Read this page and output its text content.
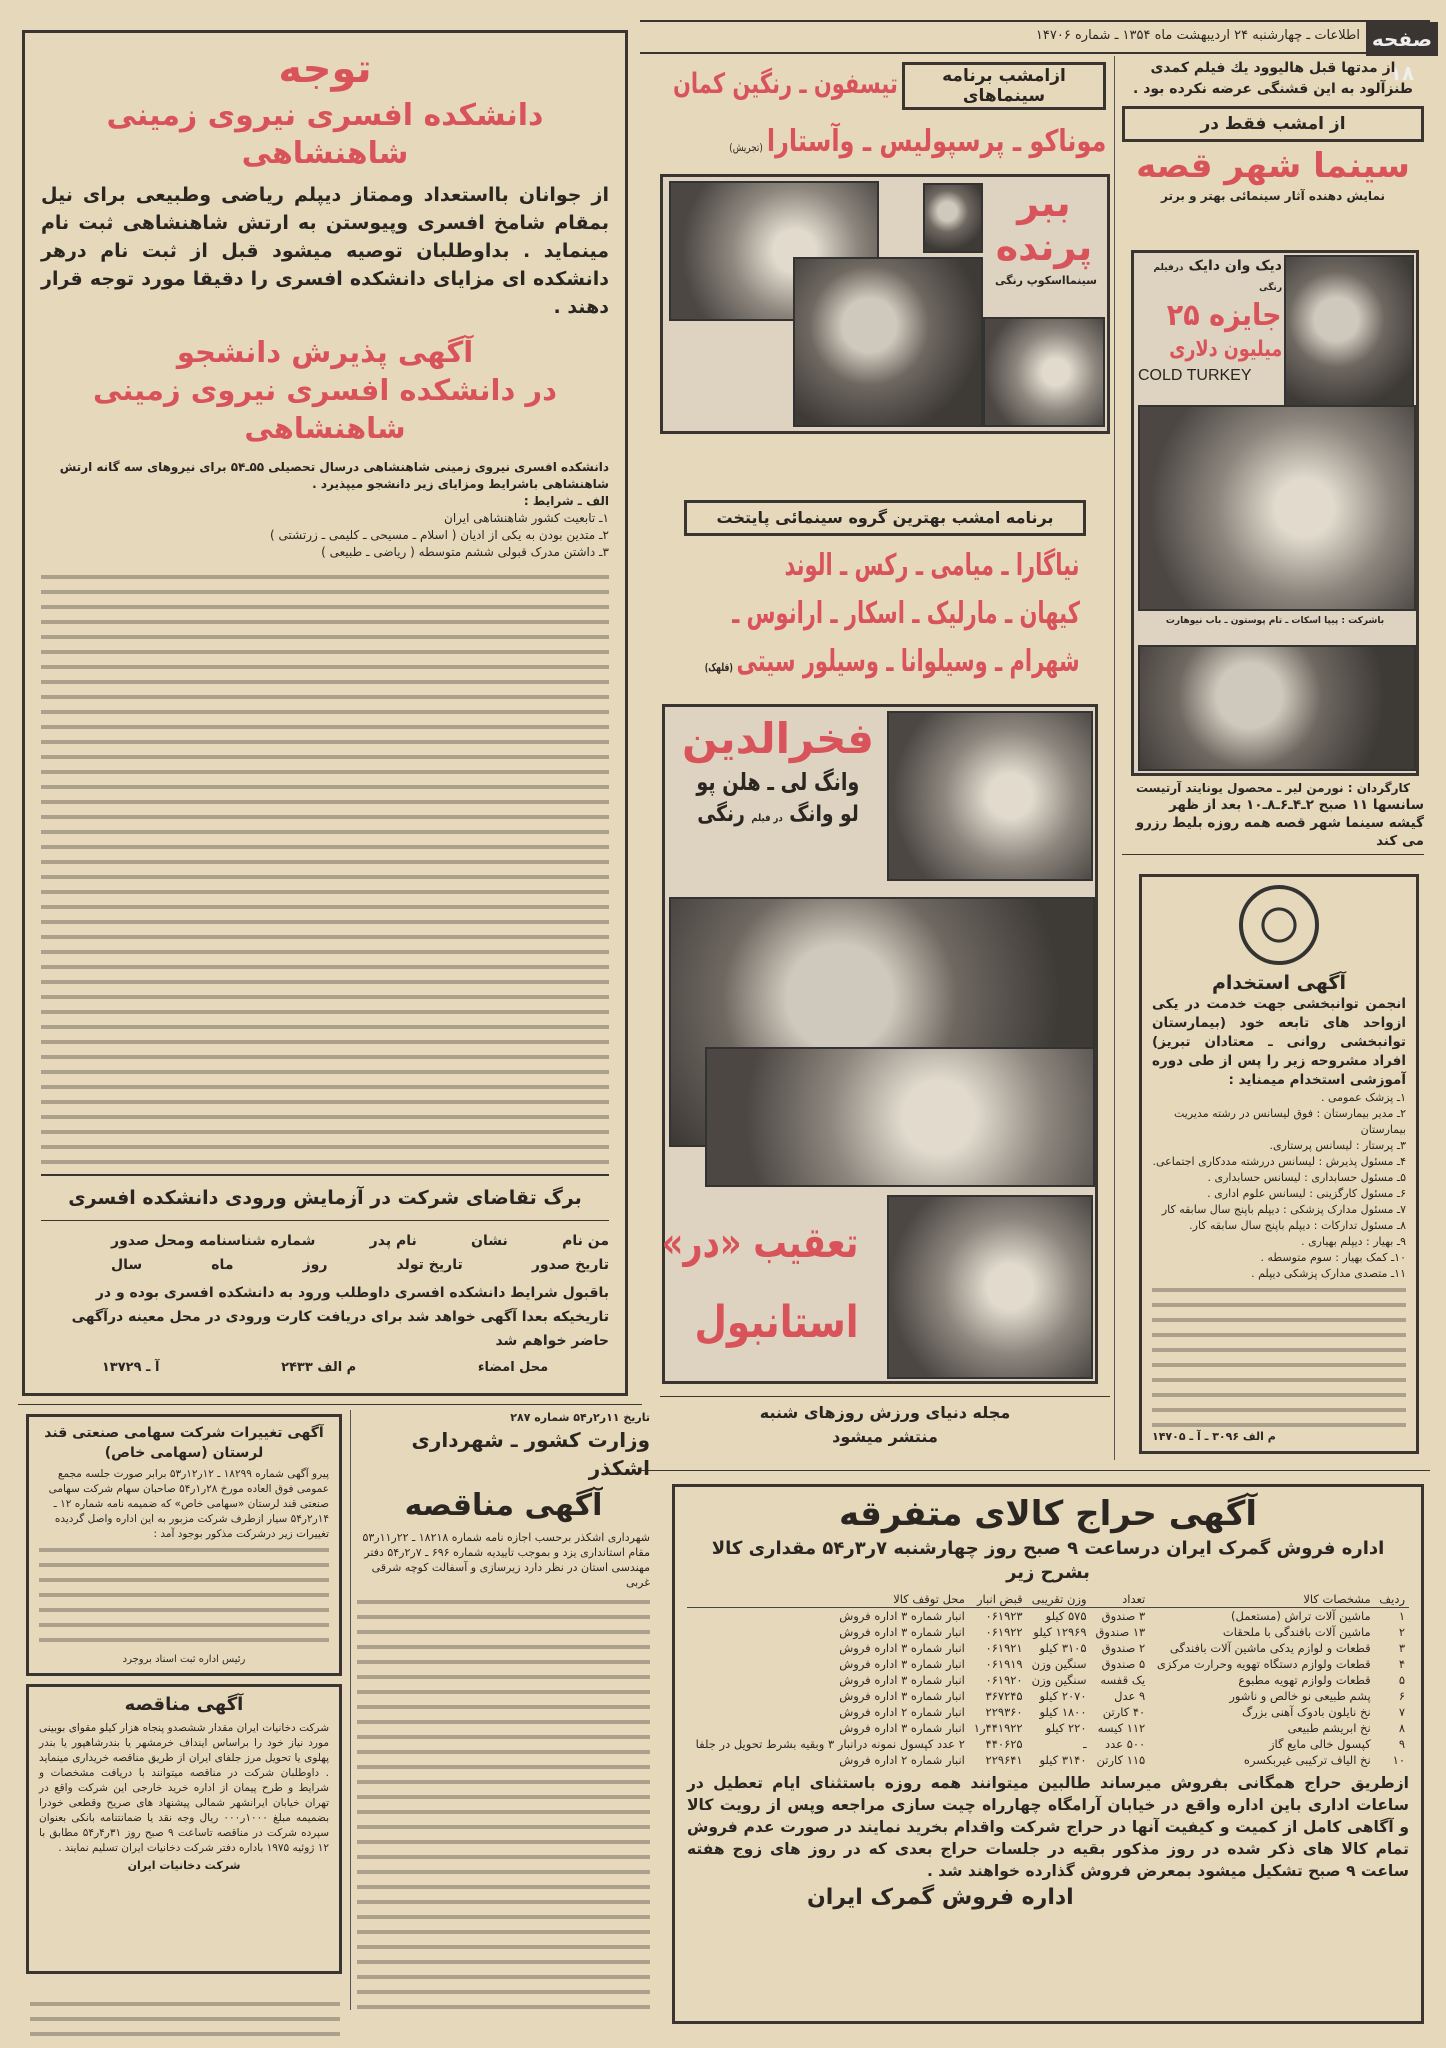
صفحه ۱۸
اطلاعات ـ چهارشنبه ۲۴ اردیبهشت ماه ۱۳۵۴ ـ شماره ۱۴۷۰۶
توجه
دانشکده افسری نیروی زمینی شاهنشاهی

از جوانان بااستعداد وممتاز دیپلم ریاضی وطبیعی برای نیل بمقام شامخ افسری وپیوستن به ارتش شاهنشاهی ثبت نام مینماید . بداوطلبان توصیه میشود قبل از ثبت نام درهر دانشکده ای مزایای دانشکده افسری را دقیقا مورد توجه قرار دهند .

آگهی پذیرش دانشجو
در دانشکده افسری نیروی زمینی شاهنشاهی

دانشکده افسری نیروی زمینی شاهنشاهی درسال تحصیلی ۵۵ـ۵۴ برای نیروهای سه گانه ارتش شاهنشاهی باشرایط ومزایای زیر دانشجو میپذیرد .

الف ـ شرایط :

۱ـ تابعیت کشور شاهنشاهی ایران
۲ـ متدین بودن به یکی از ادیان ( اسلام ـ مسیحی ـ کلیمی ـ زرتشتی )
۳ـ داشتن مدرک قبولی ششم متوسطه ( ریاضی ـ طبیعی )
برگ تقاضای شرکت در آزمایش ورودی دانشکده افسری
من نام
نشان
نام پدر
شماره شناسنامه ومحل صدور
تاریخ صدور
تاریخ تولد
روز
ماه
سال

باقبول شرایط دانشکده افسری داوطلب ورود به دانشکده افسری بوده و در تاریخیکه بعدا آگهی خواهد شد برای دریافت کارت ورودی در محل معینه درآگهی حاضر خواهم شد

محل امضاء
م الف ۲۴۳۳
آ ـ ۱۳۷۲۹
ازامشب برنامه سینماهای
تیسفون ـ رنگین کمان
موناکو ـ پرسپولیس ـ وآستارا (تجریش)
ببر پرنده
سینمااسکوپ رنگی
برنامه امشب بهترین گروه سینمائی پایتخت
نیاگارا ـ میامی ـ رکس ـ الوند
کیهان ـ مارلیک ـ اسکار ـ ارانوس ـ
شهرام ـ وسیلوانا ـ وسیلور سیتی (قلهک)
فخرالدین
وانگ لی ـ هلن پو
لو وانگ در فیلم رنگی
تعقیب «در»
استانبول
مجله دنیای ورزش روزهای شنبه
منتشر میشود

از مدتها قبل هالیوود یك فیلم كمدی طنزآلود به این قشنگی عرضه نکرده بود .

از امشب فقط در
سینما شهر قصه
نمایش دهنده آثار سینمائی بهتر و برتر
دیک وان دایک درفیلم رنگی
جایزه ۲۵
میلیون دلاری
COLD TURKEY
باشرکت : پیپا اسکات ـ تام پوستون ـ باب نیوهارت
کارگردان : نورمن لیر ـ محصول یونایتد آرتیست
سانسها ۱۱ صبح ۲ـ۴ـ۶ـ۸ـ۱۰ بعد از ظهر
گیشه سینما شهر قصه همه روزه بلیط رزرو می کند
آگهی استخدام

انجمن توانبخشی جهت خدمت در یکی ازواحد های تابعه خود (بیمارستان توانبخشی روانی ـ معتادان تبریز) افراد مشروحه زیر را پس از طی دوره آموزشی استخدام میمناید :

۱ـ پزشک عمومی .
۲ـ مدیر بیمارستان : فوق لیسانس در رشته مدیریت بیمارستان
۳ـ پرستار : لیسانس پرستاری.
۴ـ مسئول پذیرش : لیسانس دررشته مددکاری اجتماعی.
۵ـ مسئول حسابداری : لیسانس حسابداری .
۶ـ مسئول کارگزینی : لیسانس علوم اداری .
۷ـ مسئول مدارک پزشکی : دیپلم باپنج سال سابقه کار
۸ـ مسئول تدارکات : دیپلم باپنج سال سابقه کار.
۹ـ بهیار : دیپلم بهیاری .
۱۰ـ کمک بهیار : سوم متوسطه .
۱۱ـ متصدی مدارک پزشکی دیپلم .
م الف ۳۰۹۶ ـ آ ـ ۱۴۷۰۵
آگهی حراج کالای متفرقه
اداره فروش گمرک ایران درساعت ۹ صبح روز چهارشنبه ۷ر۳ر۵۴ مقداری کالا بشرح زیر
ردیف	مشخصات کالا	تعداد	وزن تقریبی	قبض انبار	محل توقف کالا
۱	ماشین آلات تراش (مستعمل)	۳ صندوق	۵۷۵ کیلو	۰۶۱۹۲۳	انبار شماره ۳ اداره فروش
۲	ماشین آلات بافندگی با ملحقات	۱۳ صندوق	۱۲۹۶۹ کیلو	۰۶۱۹۲۲	انبار شماره ۳ اداره فروش
۳	قطعات و لوازم یدکی ماشین آلات بافندگی	۲ صندوق	۳۱۰۵ کیلو	۰۶۱۹۲۱	انبار شماره ۳ اداره فروش
۴	قطعات ولوازم دستگاه تهویه وحرارت مرکزی	۵ صندوق	سنگین وزن	۰۶۱۹۱۹	انبار شماره ۳ اداره فروش
۵	قطعات ولوازم تهویه مطبوع	یک قفسه	سنگین وزن	۰۶۱۹۲۰	انبار شماره ۳ اداره فروش
۶	پشم طبیعی نو خالص و ناشور	۹ عدل	۲۰۷۰ کیلو	۳۶۷۲۴۵	انبار شماره ۳ اداره فروش
۷	نخ نایلون بادوک آهنی بزرگ	۴۰ کارتن	۱۸۰۰ کیلو	۲۲۹۳۶۰	انبار شماره ۲ اداره فروش
۸	نخ ابریشم طبیعی	۱۱۲ کیسه	۲۲۰ کیلو	۴۴۱۹۲۲ر۱	انبار شماره ۳ اداره فروش
۹	کپسول خالی مایع گاز	۵۰۰ عدد	ـ	۴۴۰۶۲۵	۲ عدد کپسول نمونه درانبار ۳ وبقیه بشرط تحویل در جلفا
۱۰	نخ الیاف ترکیبی غیربکسره	۱۱۵ کارتن	۳۱۴۰ کیلو	۲۲۹۶۴۱	انبار شماره ۲ اداره فروش

ازطریق حراج همگانی بفروش میرساند طالبین میتوانند همه روزه باستثنای ایام تعطیل در ساعات اداری باین اداره واقع در خیابان آرامگاه چهارراه چیت سازی مراجعه وپس از رویت کالا و آگاهی کامل از کمیت و کیفیت آنها در حراج شرکت واقدام بخرید نمایند در صورت عدم فروش تمام کالا های ذکر شده در روز مذکور بقیه در جلسات حراج بعدی که در روز های زوج هفته ساعت ۹ صبح تشکیل میشود بمعرض فروش گذارده خواهند شد .

اداره فروش گمرک ایران
تاریخ ۱۱ر۲ر۵۴ شماره ۲۸۷
وزارت کشور ـ شهرداری اشکذر
آگهی مناقصه

شهرداری اشکذر برحسب اجازه نامه شماره ۱۸۲۱۸ ـ ۲۲ر۱۱ر۵۳ مقام استانداری یزد و بموجب تاییدیه شماره ۶۹۶ ـ ۷ر۲ر۵۴ دفتر مهندسی استان در نظر دارد زیرسازی و آسفالت کوچه شرقی غربی

آگهی تغییرات شرکت سهامی صنعتی قند لرستان (سهامی خاص)

پیرو آگهی شماره ۱۸۲۹۹ ـ ۱۲ر۱۲ر۵۳ برابر صورت جلسه مجمع عمومی فوق العاده مورخ ۲۸ر۱ر۵۴ صاحبان سهام شرکت سهامی صنعتی قند لرستان «سهامی خاص» که ضمیمه نامه شماره ۱۲ ـ ۱۴ر۲ر۵۴ سیار ازطرف شرکت مزبور به این اداره واصل گردیده تغییرات زیر درشرکت مذکور بوجود آمد :

رئیس اداره ثبت اسناد بروجرد
آگهی مناقصه

شرکت دخانیات ایران مقدار ششصدو پنجاه هزار کیلو مقوای بوبینی مورد نیاز خود را براساس اینداف خرمشهر یا بندرشاهپور یا بندر پهلوی یا تحویل مرز جلفای ایران از طریق مناقصه خریداری مینماید . داوطلبان شرکت در مناقصه میتوانند با دریافت مشخصات و شرایط و طرح پیمان از اداره خرید خارجی این شرکت واقع در تهران خیابان ایرانشهر شمالی پیشنهاد های صریح وقطعی خودرا بضمیمه مبلغ ۱۰۰۰ر۰۰۰ ریال وجه نقد یا ضمانتنامه بانکی بعنوان سپرده شرکت در مناقصه تاساعت ۹ صبح روز ۳۱ر۴ر۵۴ مطابق با ۱۲ ژوئیه ۱۹۷۵ باداره دفتر شرکت دخانیات ایران تسلیم نمایند .

شرکت دخانیات ایران
